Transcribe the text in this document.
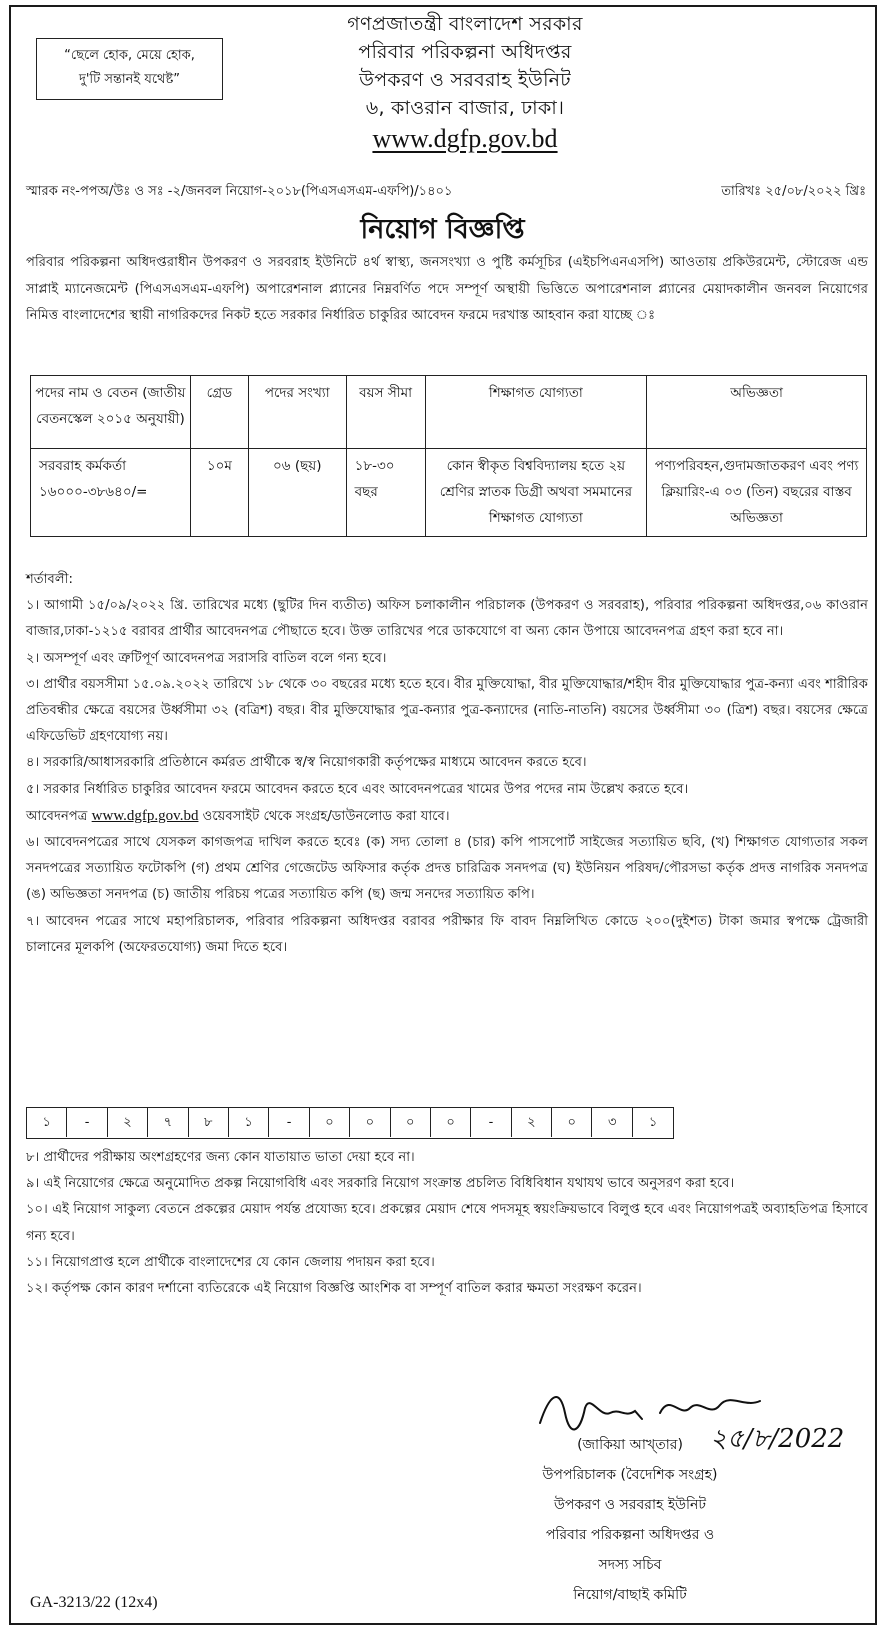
“ছেলে হোক, মেয়ে হোক,
দু'টি সন্তানই যথেষ্ট”
গণপ্রজাতন্ত্রী বাংলাদেশ সরকার
পরিবার পরিকল্পনা অধিদপ্তর
উপকরণ ও সরবরাহ ইউনিট
৬, কাওরান বাজার, ঢাকা।
www.dgfp.gov.bd
স্মারক নং-পপঅ/উঃ ও সঃ -২/জনবল নিয়োগ-২০১৮(পিএসএসএম-এফপি)/১৪০১	তারিখঃ ২৫/০৮/২০২২ খ্রিঃ
নিয়োগ বিজ্ঞপ্তি

পরিবার পরিকল্পনা অধিদপ্তরাধীন উপকরণ ও সরবরাহ ইউনিটে ৪র্থ স্বাস্থ্য, জনসংখ্যা ও পুষ্টি কর্মসূচির (এইচপিএনএসপি) আওতায় প্রকিউরমেন্ট, স্টোরেজ এন্ড সাপ্লাই ম্যানেজমেন্ট (পিএসএসএম-এফপি) অপারেশনাল প্ল্যানের নিম্নবর্ণিত পদে সম্পূর্ণ অস্থায়ী ভিত্তিতে অপারেশনাল প্ল্যানের মেয়াদকালীন জনবল নিয়োগের নিমিত্ত বাংলাদেশের স্থায়ী নাগরিকদের নিকট হতে সরকার নির্ধারিত চাকুরির আবেদন ফরমে দরখাস্ত আহবান করা যাচ্ছে ঃ

পদের নাম ও বেতন (জাতীয় বেতনস্কেল ২০১৫ অনুযায়ী)	গ্রেড	পদের সংখ্যা	বয়স সীমা	শিক্ষাগত যোগ্যতা	অভিজ্ঞতা
সরবরাহ কর্মকর্তা ১৬০০০-৩৮৬৪০/=	১০ম	০৬ (ছয়)	১৮-৩০ বছর	কোন স্বীকৃত বিশ্ববিদ্যালয় হতে ২য় শ্রেণির স্নাতক ডিগ্রী অথবা সমমানের শিক্ষাগত যোগ্যতা	পণ্যপরিবহন,গুদামজাতকরণ এবং পণ্য ক্লিয়ারিং-এ ০৩ (তিন) বছরের বাস্তব অভিজ্ঞতা

শর্তাবলী:

১। আগামী ১৫/০৯/২০২২ খ্রি. তারিখের মধ্যে (ছুটির দিন ব্যতীত) অফিস চলাকালীন পরিচালক (উপকরণ ও সরবরাহ), পরিবার পরিকল্পনা অধিদপ্তর,০৬ কাওরান বাজার,ঢাকা-১২১৫ বরাবর প্রার্থীর আবেদনপত্র পৌছাতে হবে। উক্ত তারিখের পরে ডাকযোগে বা অন্য কোন উপায়ে আবেদনপত্র গ্রহণ করা হবে না।

২। অসম্পূর্ণ এবং ত্রুটিপূর্ণ আবেদনপত্র সরাসরি বাতিল বলে গন্য হবে।

৩। প্রার্থীর বয়সসীমা ১৫.০৯.২০২২ তারিখে ১৮ থেকে ৩০ বছরের মধ্যে হতে হবে। বীর মুক্তিযোদ্ধা, বীর মুক্তিযোদ্ধার/শহীদ বীর মুক্তিযোদ্ধার পুত্র-কন্যা এবং শারীরিক প্রতিবন্ধীর ক্ষেত্রে বয়সের উর্ধ্বসীমা ৩২ (বত্রিশ) বছর। বীর মুক্তিযোদ্ধার পুত্র-কন্যার পুত্র-কন্যাদের (নাতি-নাতনি) বয়সের উর্ধ্বসীমা ৩০ (ত্রিশ) বছর। বয়সের ক্ষেত্রে এফিডেভিট গ্রহণযোগ্য নয়।

৪। সরকারি/আধাসরকারি প্রতিষ্ঠানে কর্মরত প্রার্থীকে স্ব/স্ব নিয়োগকারী কর্তৃপক্ষের মাধ্যমে আবেদন করতে হবে।

৫। সরকার নির্ধারিত চাকুরির আবেদন ফরমে আবেদন করতে হবে এবং আবেদনপত্রের খামের উপর পদের নাম উল্লেখ করতে হবে।

আবেদনপত্র www.dgfp.gov.bd ওয়েবসাইট থেকে সংগ্রহ/ডাউনলোড করা যাবে।

৬। আবেদনপত্রের সাথে যেসকল কাগজপত্র দাখিল করতে হবেঃ (ক) সদ্য তোলা ৪ (চার) কপি পাসপোর্ট সাইজের সত্যায়িত ছবি, (খ) শিক্ষাগত যোগ্যতার সকল সনদপত্রের সত্যায়িত ফটোকপি (গ) প্রথম শ্রেণির গেজেটেড অফিসার কর্তৃক প্রদত্ত চারিত্রিক সনদপত্র (ঘ) ইউনিয়ন পরিষদ/পৌরসভা কর্তৃক প্রদত্ত নাগরিক সনদপত্র (ঙ) অভিজ্ঞতা সনদপত্র (চ) জাতীয় পরিচয় পত্রের সত্যায়িত কপি (ছ) জন্ম সনদের সত্যায়িত কপি।

৭। আবেদন পত্রের সাথে মহাপরিচালক, পরিবার পরিকল্পনা অধিদপ্তর বরাবর পরীক্ষার ফি বাবদ নিম্নলিখিত কোডে ২০০(দুইশত) টাকা জমার স্বপক্ষে ট্রেজারী চালানের মূলকপি (অফেরতযোগ্য) জমা দিতে হবে।

১	-	২	৭	৮	১	-	০	০	০	০	-	২	০	৩	১

৮। প্রার্থীদের পরীক্ষায় অংশগ্রহণের জন্য কোন যাতায়াত ভাতা দেয়া হবে না।

৯। এই নিয়োগের ক্ষেত্রে অনুমোদিত প্রকল্প নিয়োগবিধি এবং সরকারি নিয়োগ সংক্রান্ত প্রচলিত বিধিবিধান যথাযথ ভাবে অনুসরণ করা হবে।

১০। এই নিয়োগ সাকুল্য বেতনে প্রকল্পের মেয়াদ পর্যন্ত প্রযোজ্য হবে। প্রকল্পের মেয়াদ শেষে পদসমূহ স্বয়ংক্রিয়ভাবে বিলুপ্ত হবে এবং নিয়োগপত্রই অব্যাহতিপত্র হিসাবে গন্য হবে।

১১। নিয়োগপ্রাপ্ত হলে প্রার্থীকে বাংলাদেশের যে কোন জেলায় পদায়ন করা হবে।

১২। কর্তৃপক্ষ কোন কারণ দর্শানো ব্যতিরেকে এই নিয়োগ বিজ্ঞপ্তি আংশিক বা সম্পূর্ণ বাতিল করার ক্ষমতা সংরক্ষণ করেন।

২৫/৮/2022
(জাকিয়া আখ্তার)
উপপরিচালক (বৈদেশিক সংগ্রহ)
উপকরণ ও সরবরাহ ইউনিট
পরিবার পরিকল্পনা অধিদপ্তর ও
সদস্য সচিব
নিয়োগ/বাছাই কমিটি
GA-3213/22 (12x4)
